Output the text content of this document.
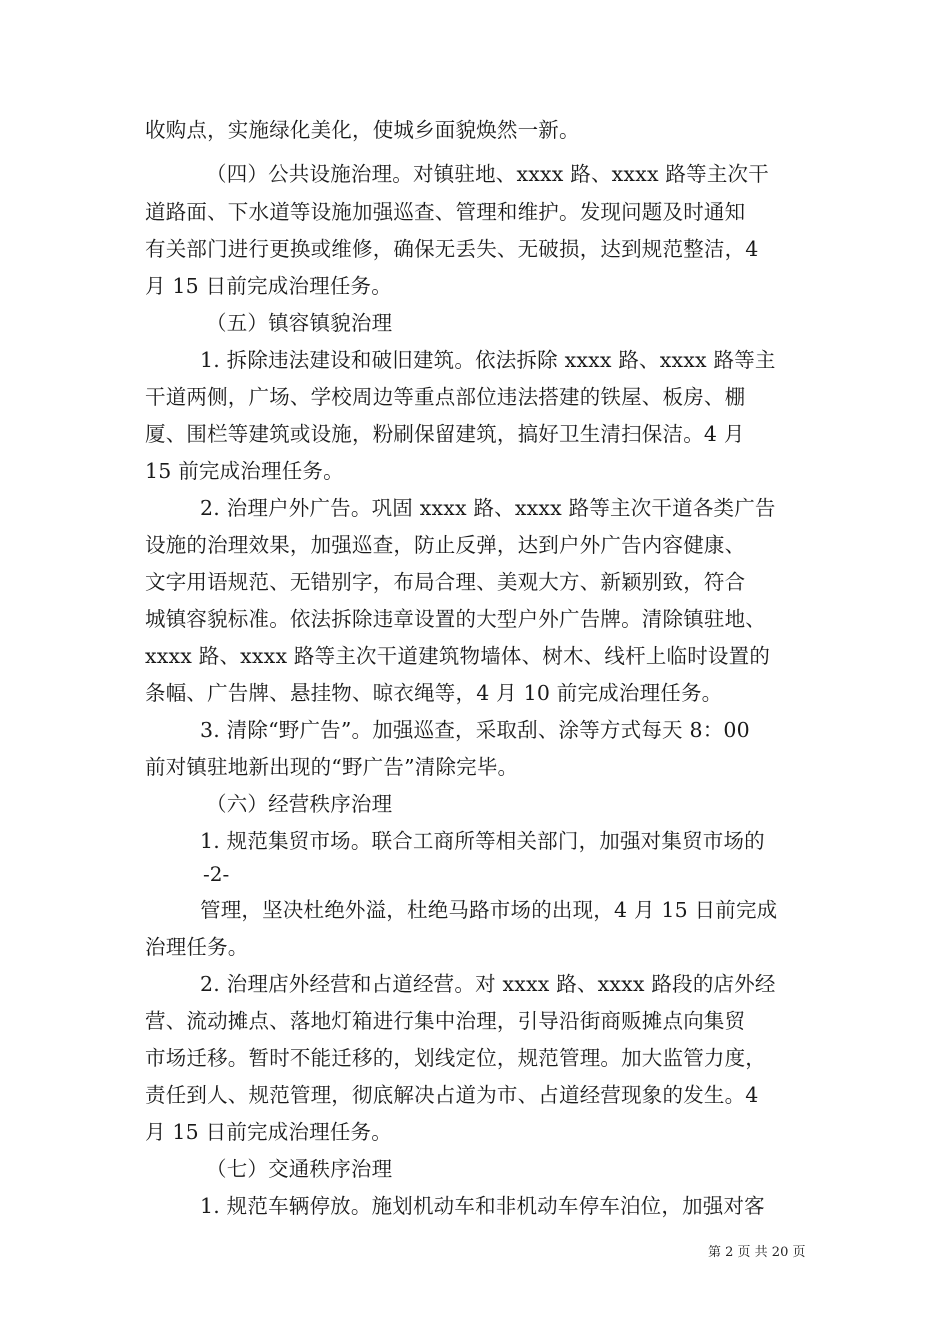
收购点，实施绿化美化，使城乡面貌焕然一新。
（四）公共设施治理。对镇驻地、xxxx 路、xxxx 路等主次干
道路面、下水道等设施加强巡查、管理和维护。发现问题及时通知
有关部门进行更换或维修，确保无丢失、无破损，达到规范整洁，4
月 15 日前完成治理任务。
（五）镇容镇貌治理
1. 拆除违法建设和破旧建筑。依法拆除 xxxx 路、xxxx 路等主
干道两侧，广场、学校周边等重点部位违法搭建的铁屋、板房、棚
厦、围栏等建筑或设施，粉刷保留建筑，搞好卫生清扫保洁。4 月
15 前完成治理任务。
2. 治理户外广告。巩固 xxxx 路、xxxx 路等主次干道各类广告
设施的治理效果，加强巡查，防止反弹，达到户外广告内容健康、
文字用语规范、无错别字，布局合理、美观大方、新颖别致，符合
城镇容貌标准。依法拆除违章设置的大型户外广告牌。清除镇驻地、
xxxx 路、xxxx 路等主次干道建筑物墙体、树木、线杆上临时设置的
条幅、广告牌、悬挂物、晾衣绳等，4 月 10 前完成治理任务。
3. 清除“野广告”。加强巡查，采取刮、涂等方式每天 8：00
前对镇驻地新出现的“野广告”清除完毕。
（六）经营秩序治理
1. 规范集贸市场。联合工商所等相关部门，加强对集贸市场的
-2-
管理，坚决杜绝外溢，杜绝马路市场的出现，4 月 15 日前完成
治理任务。
2. 治理店外经营和占道经营。对 xxxx 路、xxxx 路段的店外经
营、流动摊点、落地灯箱进行集中治理，引导沿街商贩摊点向集贸
市场迁移。暂时不能迁移的，划线定位，规范管理。加大监管力度，
责任到人、规范管理，彻底解决占道为市、占道经营现象的发生。4
月 15 日前完成治理任务。
（七）交通秩序治理
1. 规范车辆停放。施划机动车和非机动车停车泊位，加强对客
第 2 页 共 20 页
